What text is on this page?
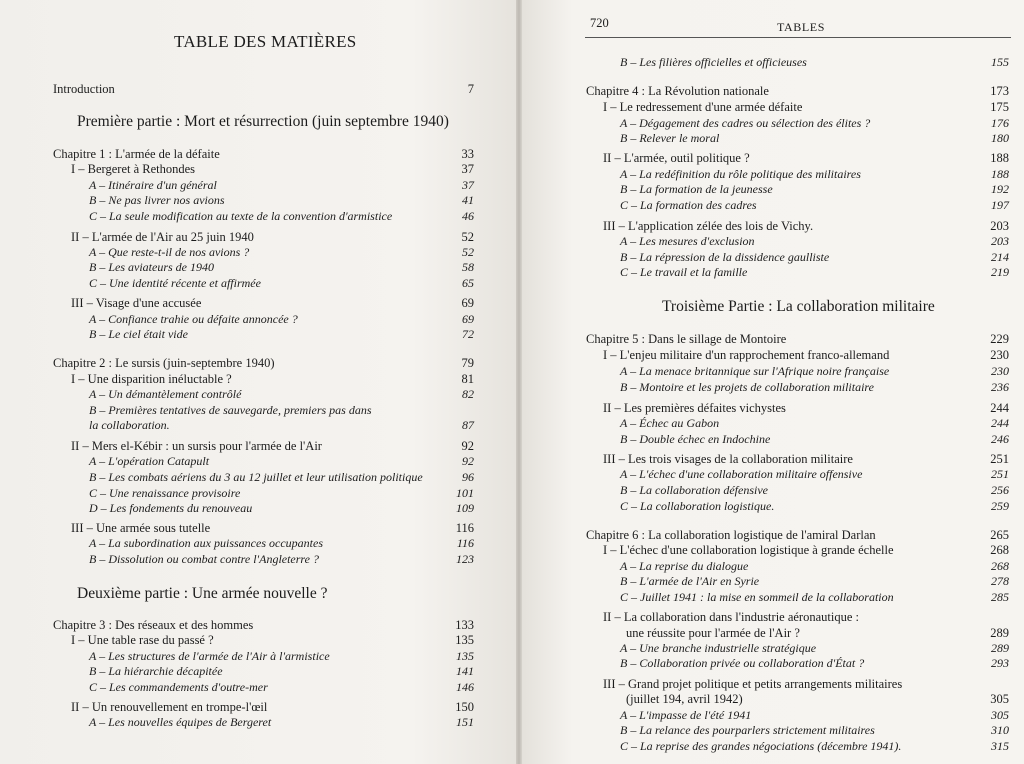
TABLE DES MATIÈRES
Introduction	7
Première partie : Mort et résurrection (juin septembre 1940)
Chapitre 1 : L'armée de la défaite	33
I – Bergeret à Rethondes	37
A – Itinéraire d'un général	37
B – Ne pas livrer nos avions	41
C – La seule modification au texte de la convention d'armistice	46
II – L'armée de l'Air au 25 juin 1940	52
A – Que reste-t-il de nos avions ?	52
B – Les aviateurs de 1940	58
C – Une identité récente et affirmée	65
III – Visage d'une accusée	69
A – Confiance trahie ou défaite annoncée ?	69
B – Le ciel était vide	72
Chapitre 2 : Le sursis (juin-septembre 1940)	79
I – Une disparition inéluctable ?	81
A – Un démantèlement contrôlé	82
B – Premières tentatives de sauvegarde, premiers pas dans
la collaboration.	87
II – Mers el-Kébir : un sursis pour l'armée de l'Air	92
A – L'opération Catapult	92
B – Les combats aériens du 3 au 12 juillet et leur utilisation politique	96
C – Une renaissance provisoire	101
D – Les fondements du renouveau	109
III – Une armée sous tutelle	116
A – La subordination aux puissances occupantes	116
B – Dissolution ou combat contre l'Angleterre ?	123
Deuxième partie : Une armée nouvelle ?
Chapitre 3 : Des réseaux et des hommes	133
I – Une table rase du passé ?	135
A – Les structures de l'armée de l'Air à l'armistice	135
B – La hiérarchie décapitée	141
C – Les commandements d'outre-mer	146
II – Un renouvellement en trompe-l'œil	150
A – Les nouvelles équipes de Bergeret	151
720	TABLES
B – Les filières officielles et officieuses	155
Chapitre 4 : La Révolution nationale	173
I – Le redressement d'une armée défaite	175
A – Dégagement des cadres ou sélection des élites ?	176
B – Relever le moral	180
II – L'armée, outil politique ?	188
A – La redéfinition du rôle politique des militaires	188
B – La formation de la jeunesse	192
C – La formation des cadres	197
III – L'application zélée des lois de Vichy.	203
A – Les mesures d'exclusion	203
B – La répression de la dissidence gaulliste	214
C – Le travail et la famille	219
Troisième Partie : La collaboration militaire
Chapitre 5 : Dans le sillage de Montoire	229
I – L'enjeu militaire d'un rapprochement franco-allemand	230
A – La menace britannique sur l'Afrique noire française	230
B – Montoire et les projets de collaboration militaire	236
II – Les premières défaites vichystes	244
A – Échec au Gabon	244
B – Double échec en Indochine	246
III – Les trois visages de la collaboration militaire	251
A – L'échec d'une collaboration militaire offensive	251
B – La collaboration défensive	256
C – La collaboration logistique.	259
Chapitre 6 : La collaboration logistique de l'amiral Darlan	265
I – L'échec d'une collaboration logistique à grande échelle	268
A – La reprise du dialogue	268
B – L'armée de l'Air en Syrie	278
C – Juillet 1941 : la mise en sommeil de la collaboration	285
II – La collaboration dans l'industrie aéronautique :
une réussite pour l'armée de l'Air ?	289
A – Une branche industrielle stratégique	289
B – Collaboration privée ou collaboration d'État ?	293
III – Grand projet politique et petits arrangements militaires
(juillet 194, avril 1942)	305
A – L'impasse de l'été 1941	305
B – La relance des pourparlers strictement militaires	310
C – La reprise des grandes négociations (décembre 1941).	315
